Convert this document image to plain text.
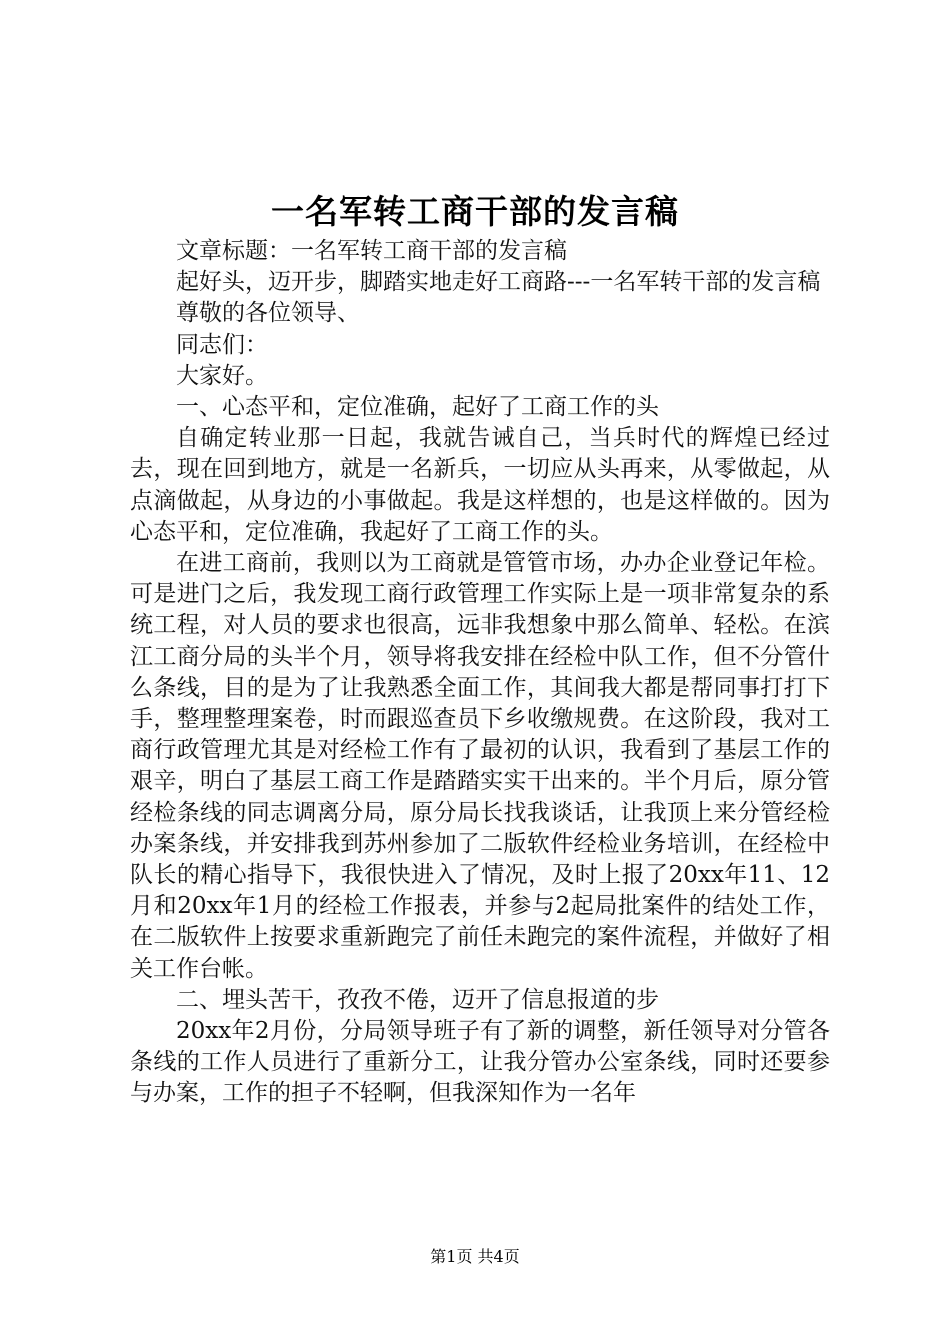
一名军转工商干部的发言稿

文章标题：一名军转工商干部的发言稿

起好头，迈开步，脚踏实地走好工商路---一名军转干部的发言稿

尊敬的各位领导、

同志们：

大家好。

一、心态平和，定位准确，起好了工商工作的头

自确定转业那一日起，我就告诫自己，当兵时代的辉煌已经过去，现在回到地方，就是一名新兵，一切应从头再来，从零做起，从点滴做起，从身边的小事做起。我是这样想的，也是这样做的。因为心态平和，定位准确，我起好了工商工作的头。

在进工商前，我则以为工商就是管管市场，办办企业登记年检。可是进门之后，我发现工商行政管理工作实际上是一项非常复杂的系统工程，对人员的要求也很高，远非我想象中那么简单、轻松。在滨江工商分局的头半个月，领导将我安排在经检中队工作，但不分管什么条线，目的是为了让我熟悉全面工作，其间我大都是帮同事打打下手，整理整理案卷，时而跟巡查员下乡收缴规费。在这阶段，我对工商行政管理尤其是对经检工作有了最初的认识，我看到了基层工作的艰辛，明白了基层工商工作是踏踏实实干出来的。半个月后，原分管经检条线的同志调离分局，原分局长找我谈话，让我顶上来分管经检办案条线，并安排我到苏州参加了二版软件经检业务培训，在经检中队长的精心指导下，我很快进入了情况，及时上报了20xx年11、12月和20xx年1月的经检工作报表，并参与2起局批案件的结处工作，在二版软件上按要求重新跑完了前任未跑完的案件流程，并做好了相关工作台帐。

二、埋头苦干，孜孜不倦，迈开了信息报道的步

20xx年2月份，分局领导班子有了新的调整，新任领导对分管各条线的工作人员进行了重新分工，让我分管办公室条线，同时还要参与办案，工作的担子不轻啊，但我深知作为一名年

第1页 共4页
